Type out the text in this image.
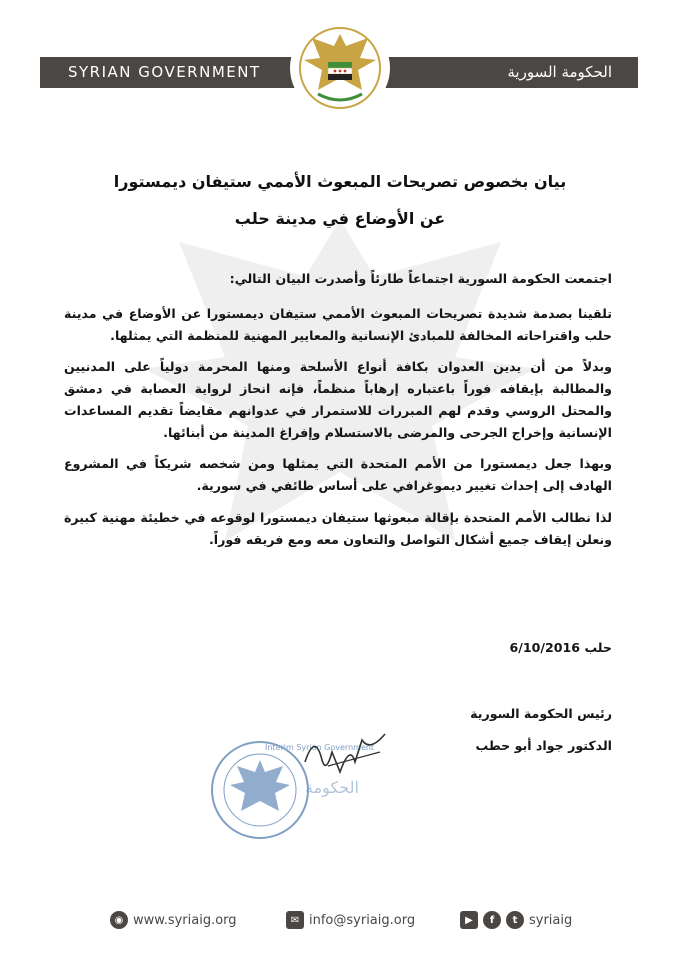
SYRIAN GOVERNMENT	الحكومة السورية
بيان بخصوص تصريحات المبعوث الأممي ستيفان ديمستورا
عن الأوضاع في مدينة حلب
اجتمعت الحكومة السورية اجتماعاً طارئاً وأصدرت البيان التالي:
تلقينا بصدمة شديدة تصريحات المبعوث الأممي ستيفان ديمستورا عن الأوضاع في مدينة حلب واقتراحاته المخالفة للمبادئ الإنسانية والمعايير المهنية للمنظمة التي يمثلها.
وبدلاً من أن يدين العدوان بكافة أنواع الأسلحة ومنها المحرمة دولياً على المدنيين والمطالبة بإيقافه فوراً باعتباره إرهاباً منظماً، فإنه انحاز لرواية العصابة في دمشق والمحتل الروسي وقدم لهم المبررات للاستمرار في عدوانهم مقايضاً تقديم المساعدات الإنسانية وإخراج الجرحى والمرضى بالاستسلام وإفراغ المدينة من أبنائها.
وبهذا جعل ديمستورا من الأمم المتحدة التي يمثلها ومن شخصه شريكاً في المشروع الهادف إلى إحداث تغيير ديموغرافي على أساس طائفي في سورية.
لذا نطالب الأمم المتحدة بإقالة مبعوثها ستيفان ديمستورا لوقوعه في خطيئة مهنية كبيرة ونعلن إيقاف جميع أشكال التواصل والتعاون معه ومع فريقه فوراً.
حلب 6/10/2016
رئيس الحكومة السورية
الدكتور جواد أبو حطب
Interim Syrian Government
الحكومة
◉ www.syriaig.org	✉ info@syriaig.org	▶	f	t syriaig
